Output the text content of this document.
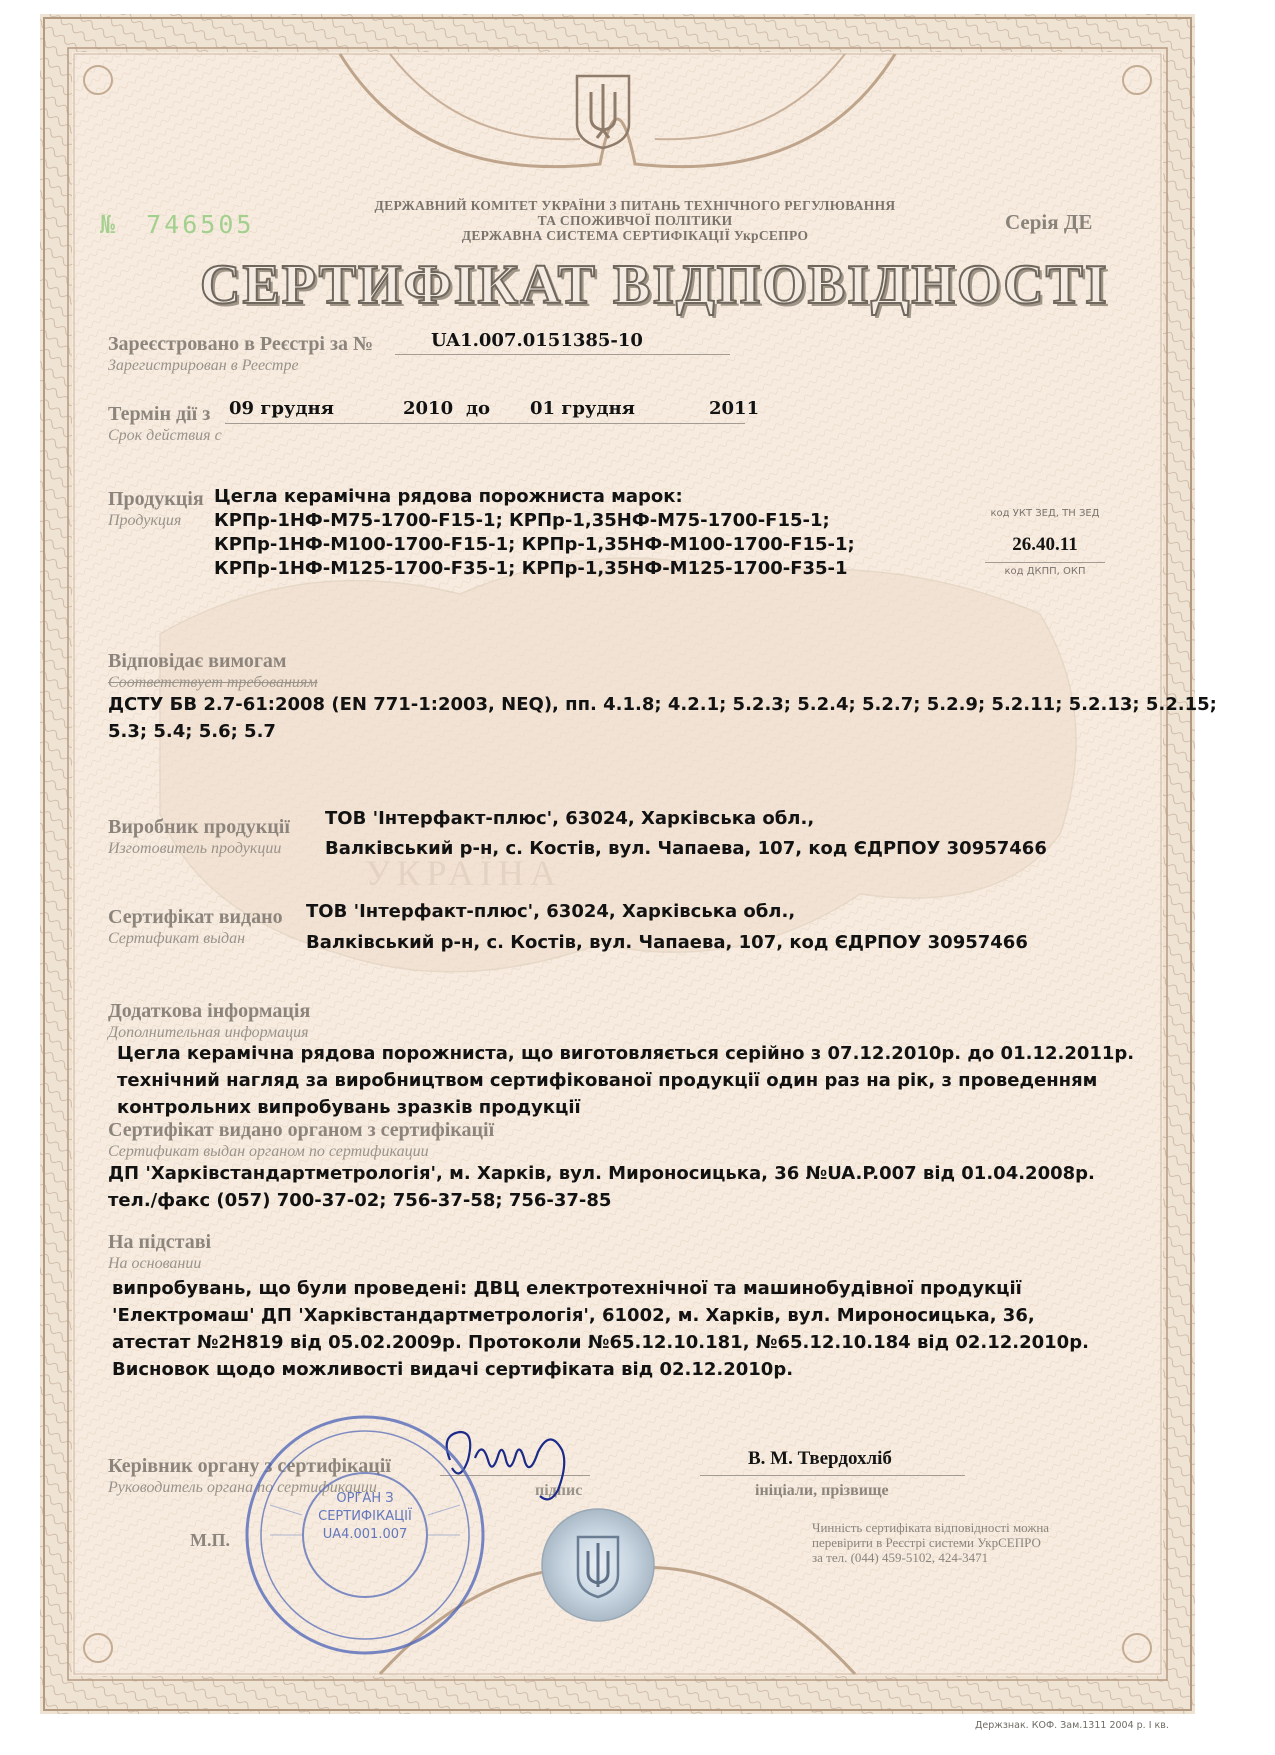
№ 746505
ДЕРЖАВНИЙ КОМІТЕТ УКРАЇНИ З ПИТАНЬ ТЕХНІЧНОГО РЕГУЛЮВАННЯ
ТА СПОЖИВЧОЇ ПОЛІТИКИ
ДЕРЖАВНА СИСТЕМА СЕРТИФІКАЦІЇ УкрСЕПРО
Серія ДЕ
СЕРТИФІКАТ ВІДПОВІДНОСТІ
Зареєстровано в Реєстрі за №
Зарегистрирован в Реестре
UA1.007.0151385-10
Термін дії з
Срок действия с
09 грудня	2010 до 01 грудня	2011
Продукція
Продукция
Цегла керамічна рядова порожниста марок:
КРПр-1НФ-М75-1700-F15-1; КРПр-1,35НФ-М75-1700-F15-1;
КРПр-1НФ-М100-1700-F15-1; КРПр-1,35НФ-М100-1700-F15-1;
КРПр-1НФ-М125-1700-F35-1; КРПр-1,35НФ-М125-1700-F35-1
код УКТ ЗЕД, ТН ЗЕД
26.40.11
код ДКПП, ОКП
Відповідає вимогам
Соответствует требованиям
ДСТУ БВ 2.7-61:2008 (EN 771-1:2003, NEQ), пп. 4.1.8; 4.2.1; 5.2.3; 5.2.4; 5.2.7; 5.2.9; 5.2.11; 5.2.13; 5.2.15;
5.3; 5.4; 5.6; 5.7
УКРАЇНА
Виробник продукції
Изготовитель продукции
ТОВ 'Інтерфакт-плюс', 63024, Харківська обл.,
Валківський р-н, с. Костів, вул. Чапаева, 107, код ЄДРПОУ 30957466
Сертифікат видано
Сертификат выдан
ТОВ 'Інтерфакт-плюс', 63024, Харківська обл.,
Валківський р-н, с. Костів, вул. Чапаева, 107, код ЄДРПОУ 30957466
Додаткова інформація
Дополнительная информация
Цегла керамічна рядова порожниста, що виготовляється серійно з 07.12.2010р. до 01.12.2011р.
технічний нагляд за виробництвом сертифікованої продукції один раз на рік, з проведенням
контрольних випробувань зразків продукції
Сертифікат видано органом з сертифікації
Сертификат выдан органом по сертификации
ДП 'Харківстандартметрологія', м. Харків, вул. Мироносицька, 36 №UA.P.007 від 01.04.2008р.
тел./факс (057) 700-37-02; 756-37-58; 756-37-85
На підставі
На основании
випробувань, що були проведені: ДВЦ електротехнічної та машинобудівної продукції
'Електромаш' ДП 'Харківстандартметрологія', 61002, м. Харків, вул. Мироносицька, 36,
атестат №2Н819 від 05.02.2009р. Протоколи №65.12.10.181, №65.12.10.184 від 02.12.2010р.
Висновок щодо можливості видачі сертифіката від 02.12.2010р.
Керівник органу з сертифікації
Руководитель органа по сертификации	підпис
В. М. Твердохліб
ініціали, прізвище
М.П.
ОРГАН З
СЕРТИФІКАЦІЇ
UA4.001.007	Чинність сертифіката відповідності можна
перевірити в Реєстрі системи УкрСЕПРО
за тел. (044) 459-5102, 424-3471
Держзнак. КОФ. Зам.1311 2004 р. І кв.
